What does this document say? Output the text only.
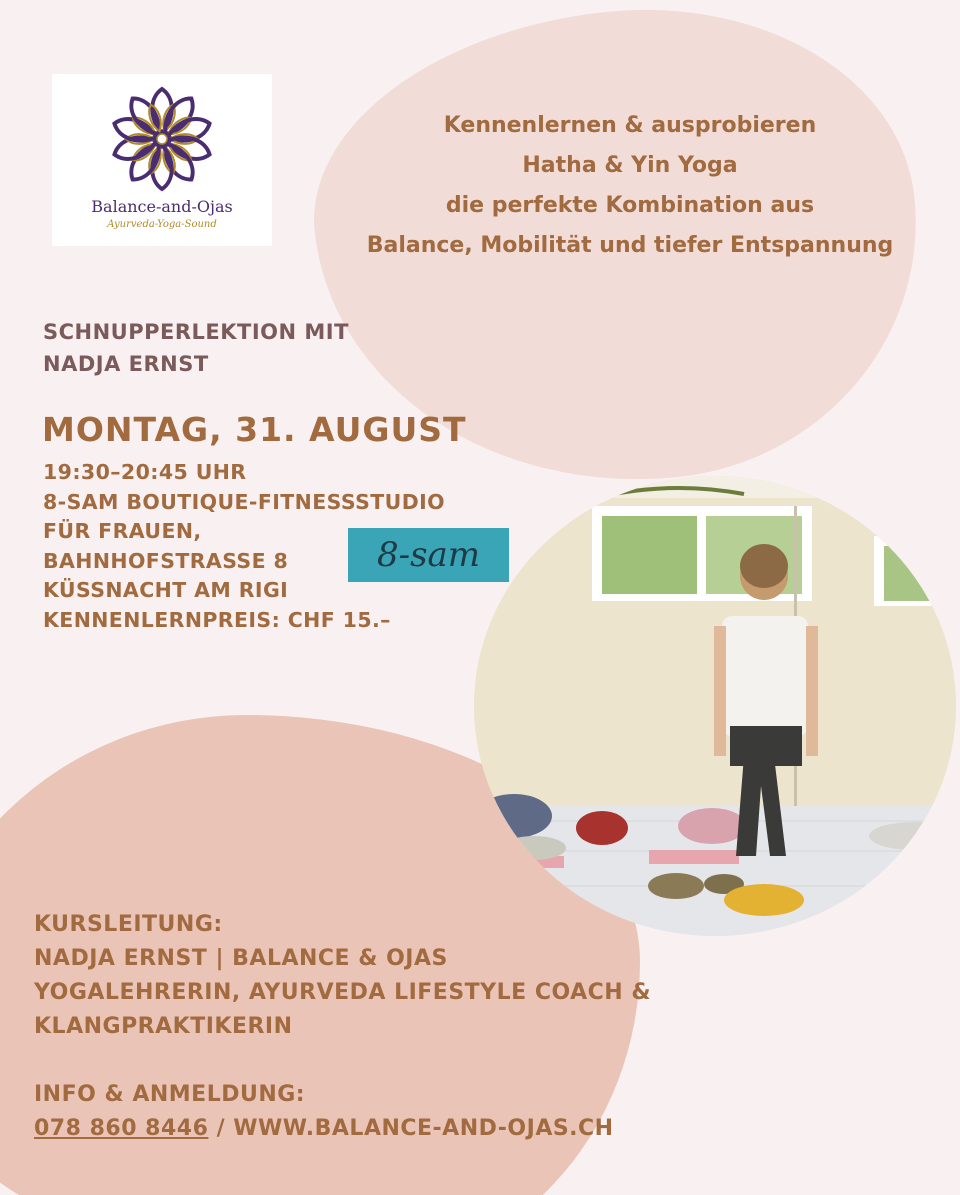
Balance-and-Ojas
Ayurveda-Yoga-Sound
Kennenlernen & ausprobieren
Hatha & Yin Yoga
die perfekte Kombination aus
Balance, Mobilität und tiefer Entspannung
SCHNUPPERLEKTION MIT
NADJA ERNST
MONTAG, 31. AUGUST
19:30–20:45 UHR
8-SAM BOUTIQUE-FITNESSSTUDIO
FÜR FRAUEN,
BAHNHOFSTRASSE 8
KÜSSNACHT AM RIGI
KENNENLERNPREIS: CHF 15.–
8-sam
KURSLEITUNG:
NADJA ERNST | BALANCE & OJAS
YOGALEHRERIN, AYURVEDA LIFESTYLE COACH &
KLANGPRAKTIKERIN
INFO & ANMELDUNG:
078 860 8446 / WWW.BALANCE-AND-OJAS.CH
